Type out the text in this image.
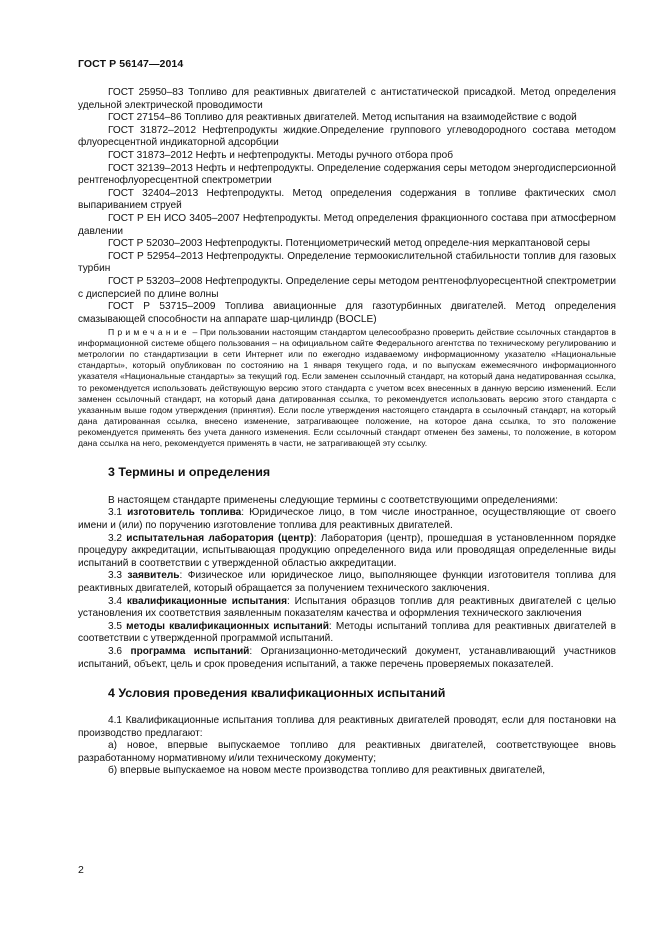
ГОСТ Р 56147—2014

ГОСТ 25950–83 Топливо для реактивных двигателей с антистатической присадкой. Метод определения удельной электрической проводимости

ГОСТ 27154–86 Топливо для реактивных двигателей. Метод испытания на взаимодействие с водой

ГОСТ 31872–2012 Нефтепродукты жидкие.Определение группового углеводородного состава методом флуоресцентной индикаторной адсорбции

ГОСТ 31873–2012 Нефть и нефтепродукты. Методы ручного отбора проб

ГОСТ 32139–2013 Нефть и нефтепродукты. Определение содержания серы методом энергодисперсионной рентгенофлуоресцентной спектрометрии

ГОСТ 32404–2013 Нефтепродукты. Метод определения содержания в топливе фактических смол выпариванием струей

ГОСТ Р ЕН ИСО 3405–2007 Нефтепродукты. Метод определения фракционного состава при атмосферном давлении

ГОСТ Р 52030–2003 Нефтепродукты. Потенциометрический метод определе-ния меркаптановой серы

ГОСТ Р 52954–2013 Нефтепродукты. Определение термоокислительной стабильности топлив для газовых турбин

ГОСТ Р 53203–2008 Нефтепродукты. Определение серы методом рентгенофлуоресцентной спектрометрии с дисперсией по длине волны

ГОСТ Р 53715–2009 Топлива авиационные для газотурбинных двигателей. Метод определения смазывающей способности на аппарате шар-цилиндр (BOCLE)

Примечание – При пользовании настоящим стандартом целесообразно проверить действие ссылочных стандартов в информационной системе общего пользования – на официальном сайте Федерального агентства по техническому регулированию и метрологии по стандартизации в сети Интернет или по ежегодно издаваемому информационному указателю «Национальные стандарты», который опубликован по состоянию на 1 января текущего года, и по выпускам ежемесячного информационного указателя «Национальные стандарты» за текущий год. Если заменен ссылочный стандарт, на который дана недатированная ссылка, то рекомендуется использовать действующую версию этого стандарта с учетом всех внесенных в данную версию изменений. Если заменен ссылочный стандарт, на который дана датированная ссылка, то рекомендуется использовать версию этого стандарта с указанным выше годом утверждения (принятия). Если после утверждения настоящего стандарта в ссылочный стандарт, на который дана датированная ссылка, внесено изменение, затрагивающее положение, на которое дана ссылка, то это положение рекомендуется применять без учета данного изменения. Если ссылочный стандарт отменен без замены, то положение, в котором дана ссылка на него, рекомендуется применять в части, не затрагивающей эту ссылку.

3 Термины и определения

В настоящем стандарте применены следующие термины с соответствующими определениями:

3.1 изготовитель топлива: Юридическое лицо, в том числе иностранное, осуществляющие от своего имени и (или) по поручению изготовление топлива для реактивных двигателей.

3.2 испытательная лаборатория (центр): Лаборатория (центр), прошедшая в установленнном порядке процедуру аккредитации, испытывающая продукцию определенного вида или проводящая определенные виды испытаний в соответствии с утвержденной областью аккредитации.

3.3 заявитель: Физическое или юридическое лицо, выполняющее функции изготовителя топлива для реактивных двигателей, который обращается за получением технического заключения.

3.4 квалификационные испытания: Испытания образцов топлив для реактивных двигателей с целью установления их соответствия заявленным показателям качества и оформления технического заключения

3.5 методы квалификационных испытаний: Методы испытаний топлива для реактивных двигателей в соответствии с утвержденной программой испытаний.

3.6 программа испытаний: Организационно-методический документ, устанавливающий участников испытаний, объект, цель и срок проведения испытаний, а также перечень проверяемых показателей.

4 Условия проведения квалификационных испытаний

4.1 Квалификационные испытания топлива для реактивных двигателей проводят, если для постановки на производство предлагают:

а) новое, впервые выпускаемое топливо для реактивных двигателей, соответствующее вновь разработанному нормативному и/или техническому документу;

б) впервые выпускаемое на новом месте производства топливо для реактивных двигателей,

2
